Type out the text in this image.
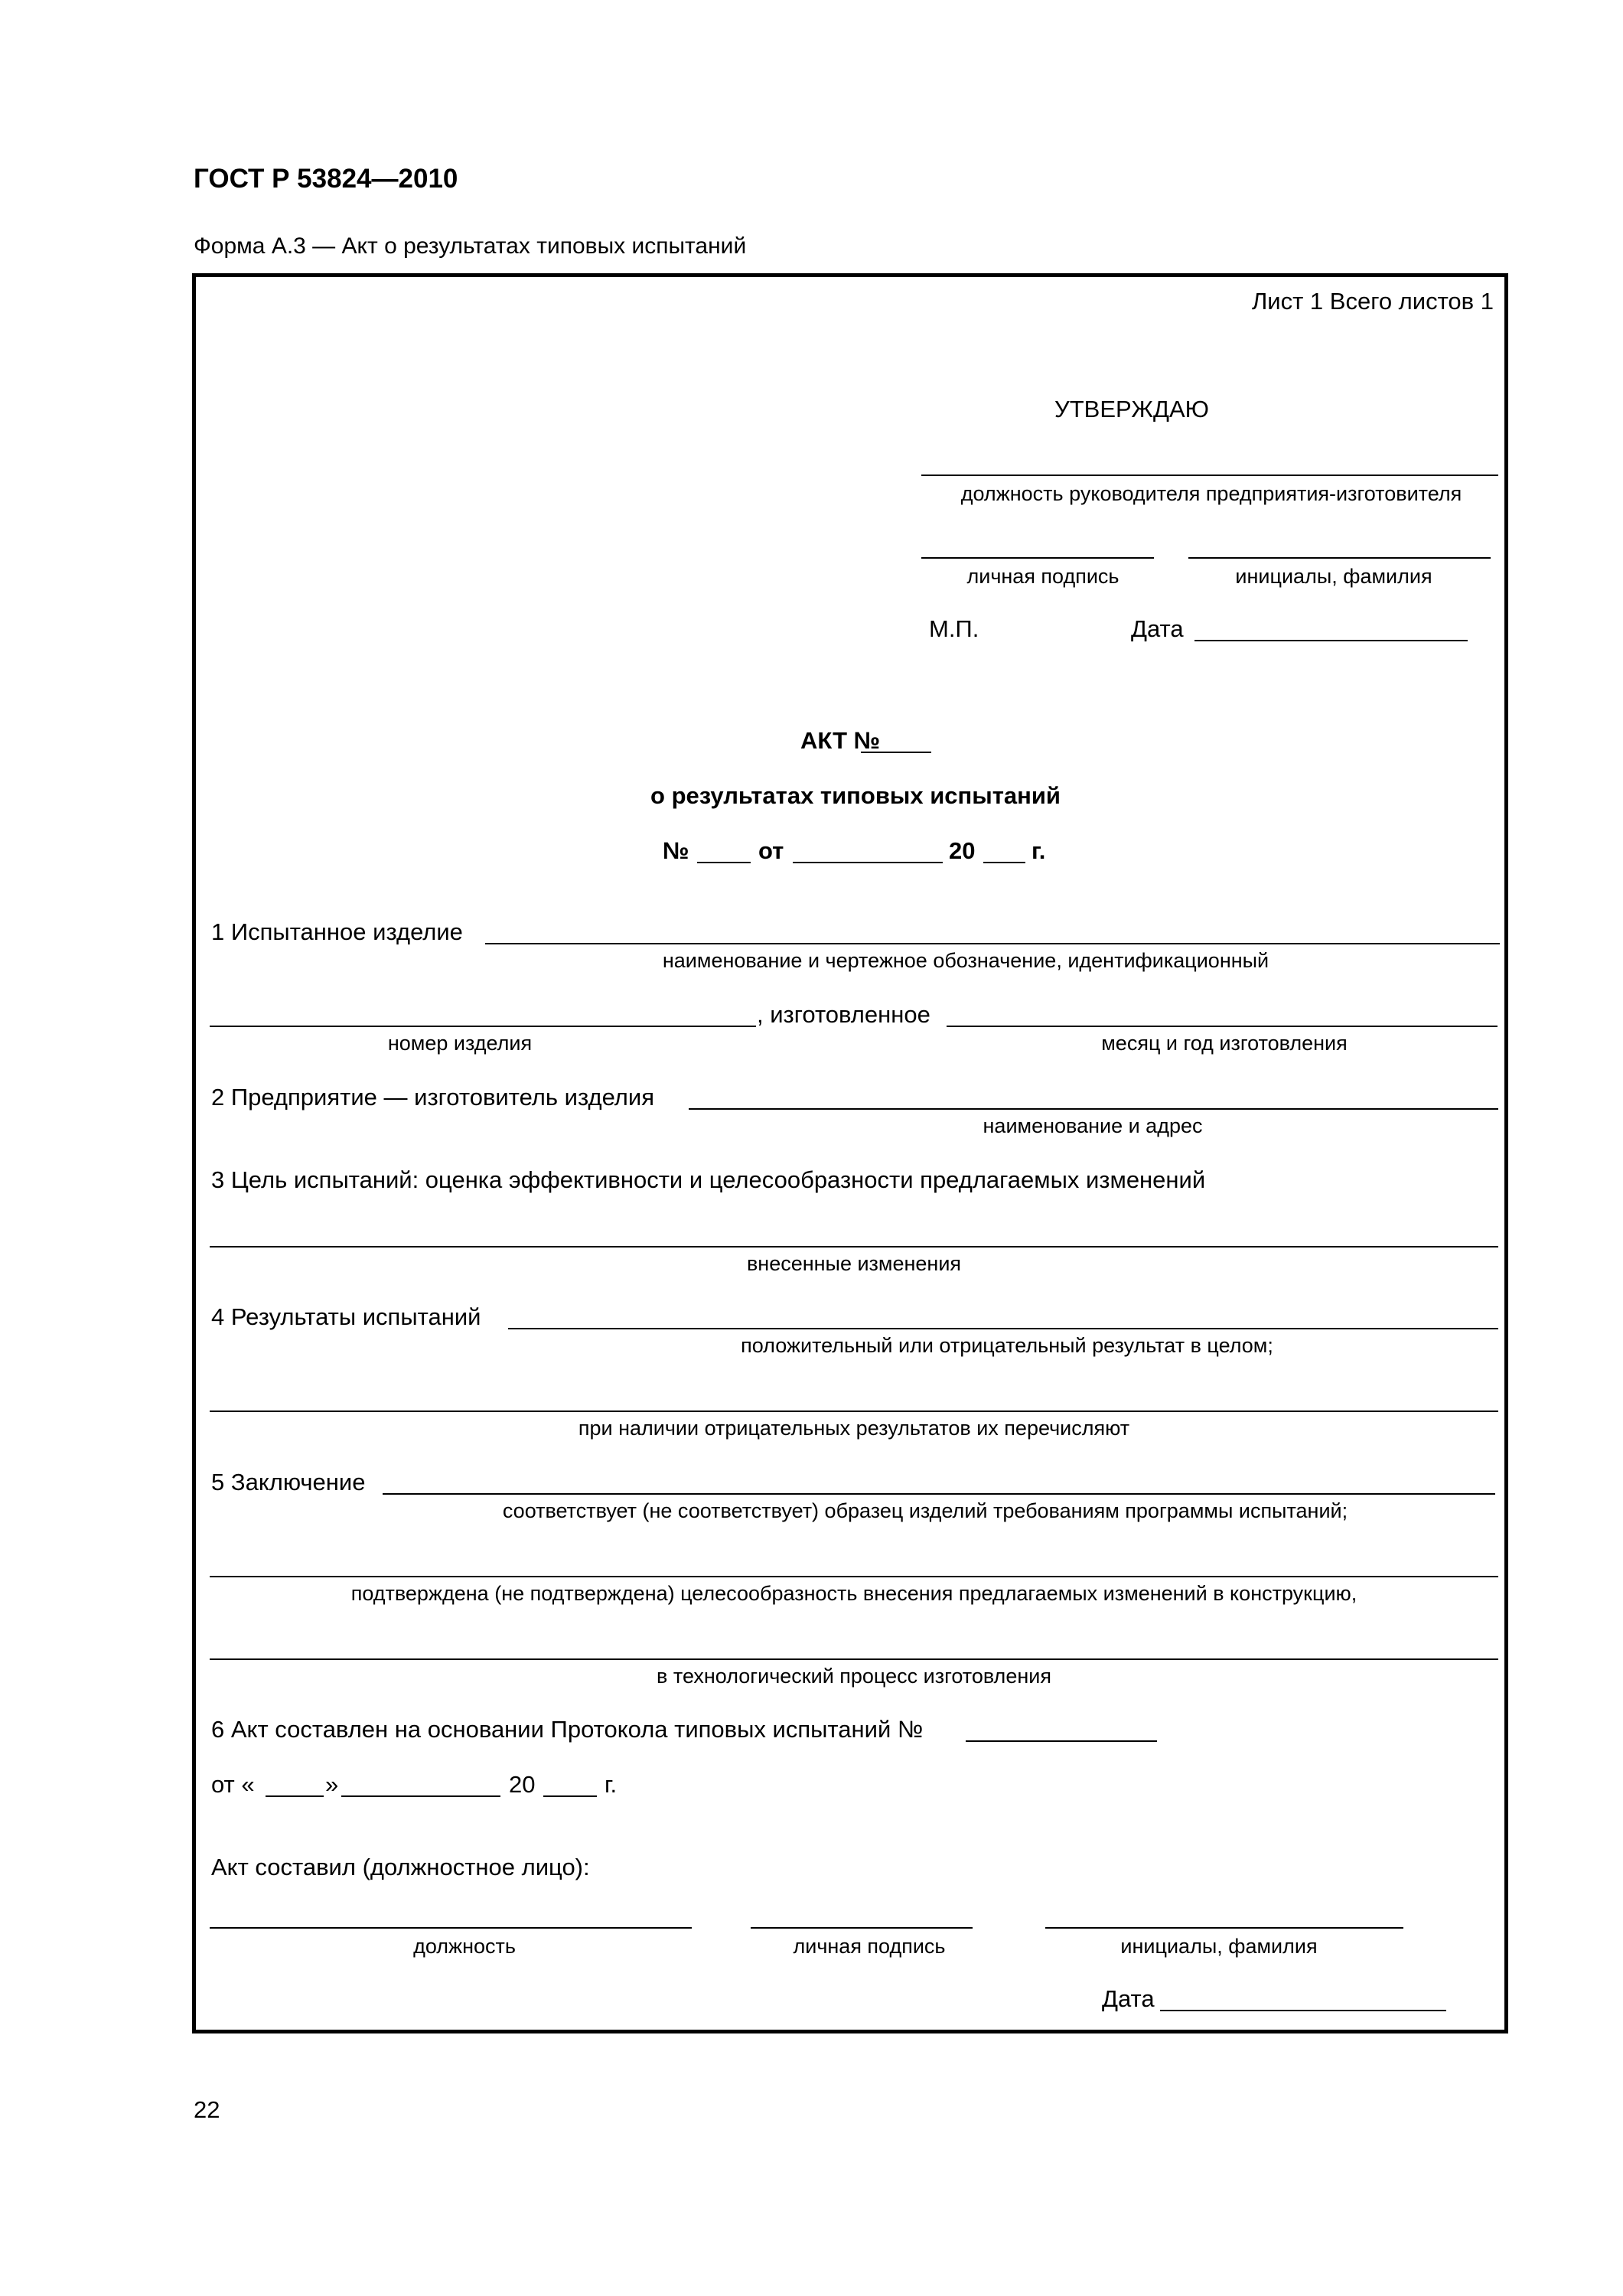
ГОСТ Р 53824—2010
Форма А.3 — Акт о результатах типовых испытаний
Лист 1 Всего листов 1
УТВЕРЖДАЮ
должность руководителя предприятия-изготовителя
личная подпись	инициалы, фамилия
М.П.	Дата
АКТ №
о результатах типовых испытаний
№	от	20 г.
1 Испытанное изделие
наименование и чертежное обозначение, идентификационный
, изготовленное
номер изделия	месяц и год изготовления
2 Предприятие — изготовитель изделия
наименование и адрес
3 Цель испытаний: оценка эффективности и целесообразности предлагаемых изменений
внесенные изменения
4 Результаты испытаний
положительный или отрицательный результат в целом;
при наличии отрицательных результатов их перечисляют
5 Заключение
соответствует (не соответствует) образец изделий требованиям программы испытаний;
подтверждена (не подтверждена) целесообразность внесения предлагаемых изменений в конструкцию,
в технологический процесс изготовления
6 Акт составлен на основании Протокола типовых испытаний №
от «	»	20	г.
Акт составил (должностное лицо):
должность	личная подпись	инициалы, фамилия
Дата
22
